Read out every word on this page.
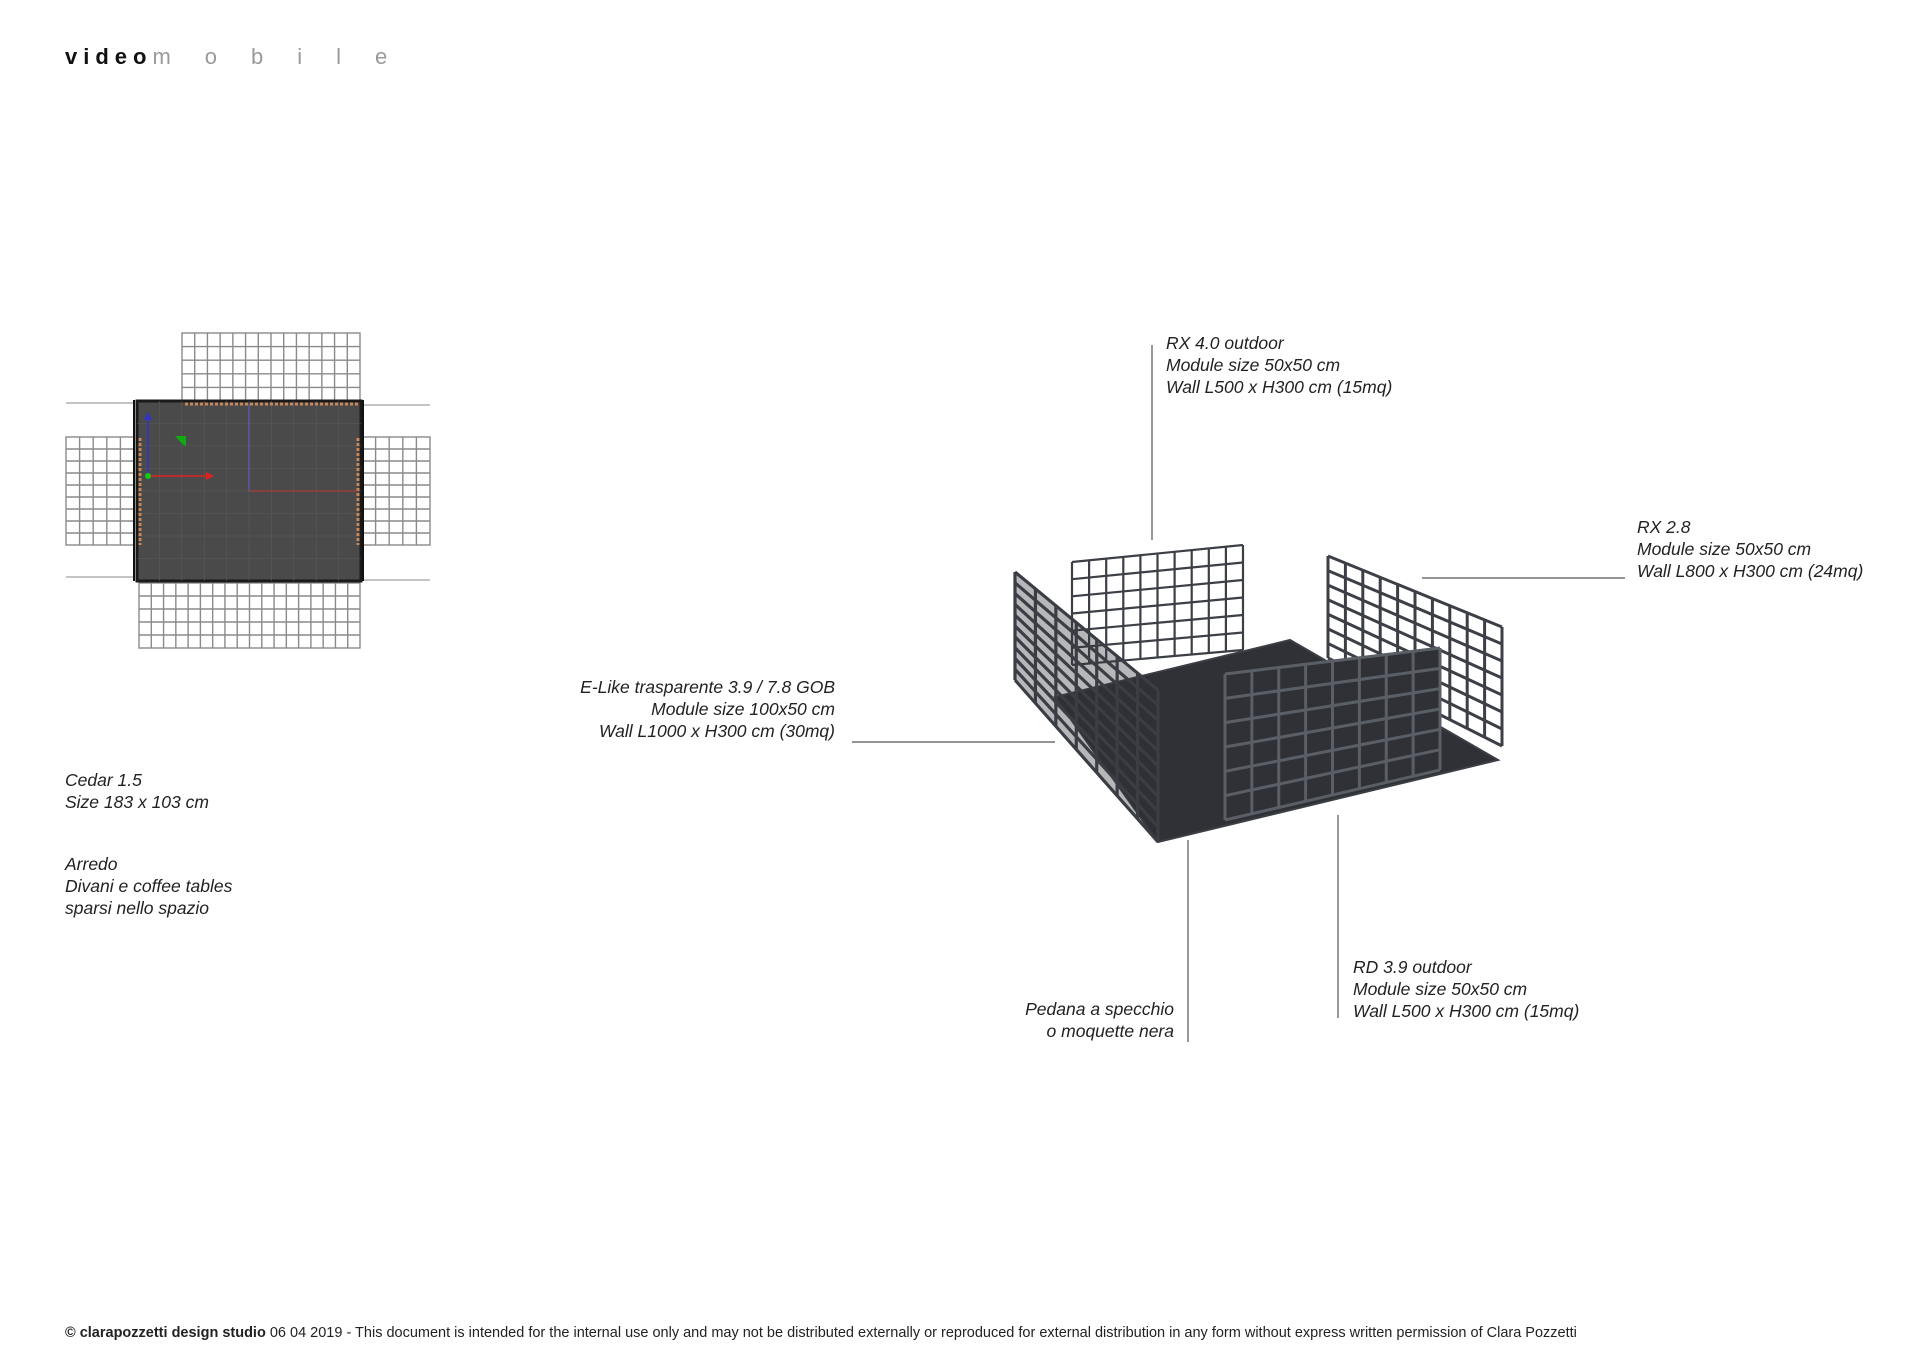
videomobile
RX 4.0 outdoor
Module size 50x50 cm
Wall L500 x H300 cm (15mq)
RX 2.8
Module size 50x50 cm
Wall L800 x H300 cm (24mq)
E-Like trasparente 3.9 / 7.8 GOB
Module size 100x50 cm
Wall L1000 x H300 cm (30mq)
Pedana a specchio
o moquette nera
RD 3.9 outdoor
Module size 50x50 cm
Wall L500 x H300 cm (15mq)
Cedar 1.5
Size 183 x 103 cm
Arredo
Divani e coffee tables
sparsi nello spazio
© clarapozzetti design studio 06 04 2019 - This document is intended for the internal use only and may not be distributed externally or reproduced for external distribution in any form without express written permission of Clara Pozzetti
